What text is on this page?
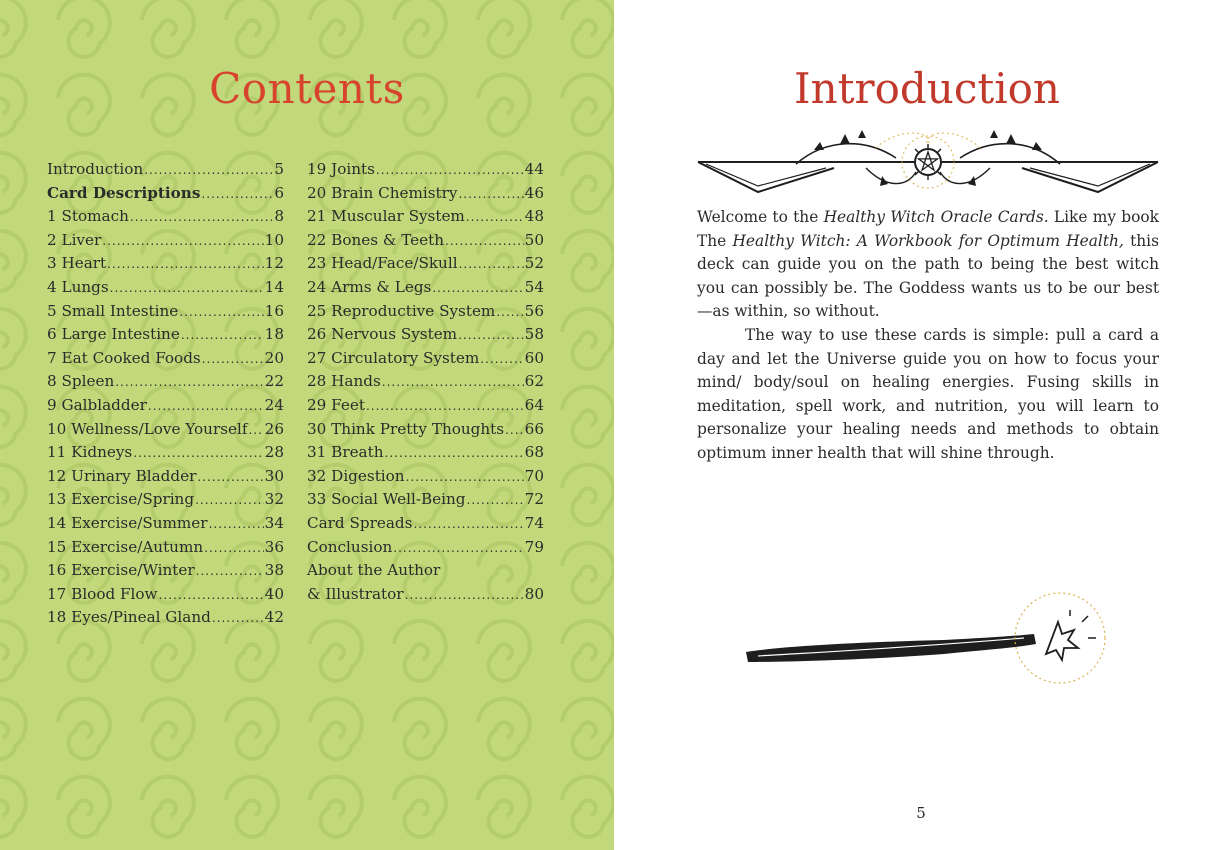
Contents
Introduction .....	5
Card Descriptions .....	6
1 Stomach .....	8
2 Liver .....	10
3 Heart .....	12
4 Lungs .....	14
5 Small Intestine .....	16
6 Large Intestine .....	18
7 Eat Cooked Foods .....	20
8 Spleen .....	22
9 Galbladder .....	24
10 Wellness/Love Yourself ..... 26
11 Kidneys .....	28
12 Urinary Bladder .....	30
13 Exercise/Spring .....	32
14 Exercise/Summer .....	34
15 Exercise/Autumn .....	36
16 Exercise/Winter .....	38
17 Blood Flow .....	40
18 Eyes/Pineal Gland .....	42
19 Joints .....	44
20 Brain Chemistry .....	46
21 Muscular System .....	48
22 Bones & Teeth .....	50
23 Head/Face/Skull .....	52
24 Arms & Legs .....	54
25 Reproductive System ..... 56
26 Nervous System .....	58
27 Circulatory System .....	60
28 Hands .....	62
29 Feet .....	64
30 Think Pretty Thoughts ..... 66
31 Breath .....	68
32 Digestion .....	70
33 Social Well-Being .....	72
Card Spreads .....	74
Conclusion .....	79
About the Author
& Illustrator .....	80
Introduction

Welcome to the Healthy Witch Oracle Cards. Like my book The Healthy Witch: A Workbook for Optimum Health, this deck can guide you on the path to being the best witch you can possibly be. The Goddess wants us to be our best—as within, so without.

The way to use these cards is simple: pull a card a day and let the Universe guide you on how to focus your mind/ body/soul on healing energies. Fusing skills in meditation, spell work, and nutrition, you will learn to personalize your healing needs and methods to obtain optimum inner health that will shine through.

5
